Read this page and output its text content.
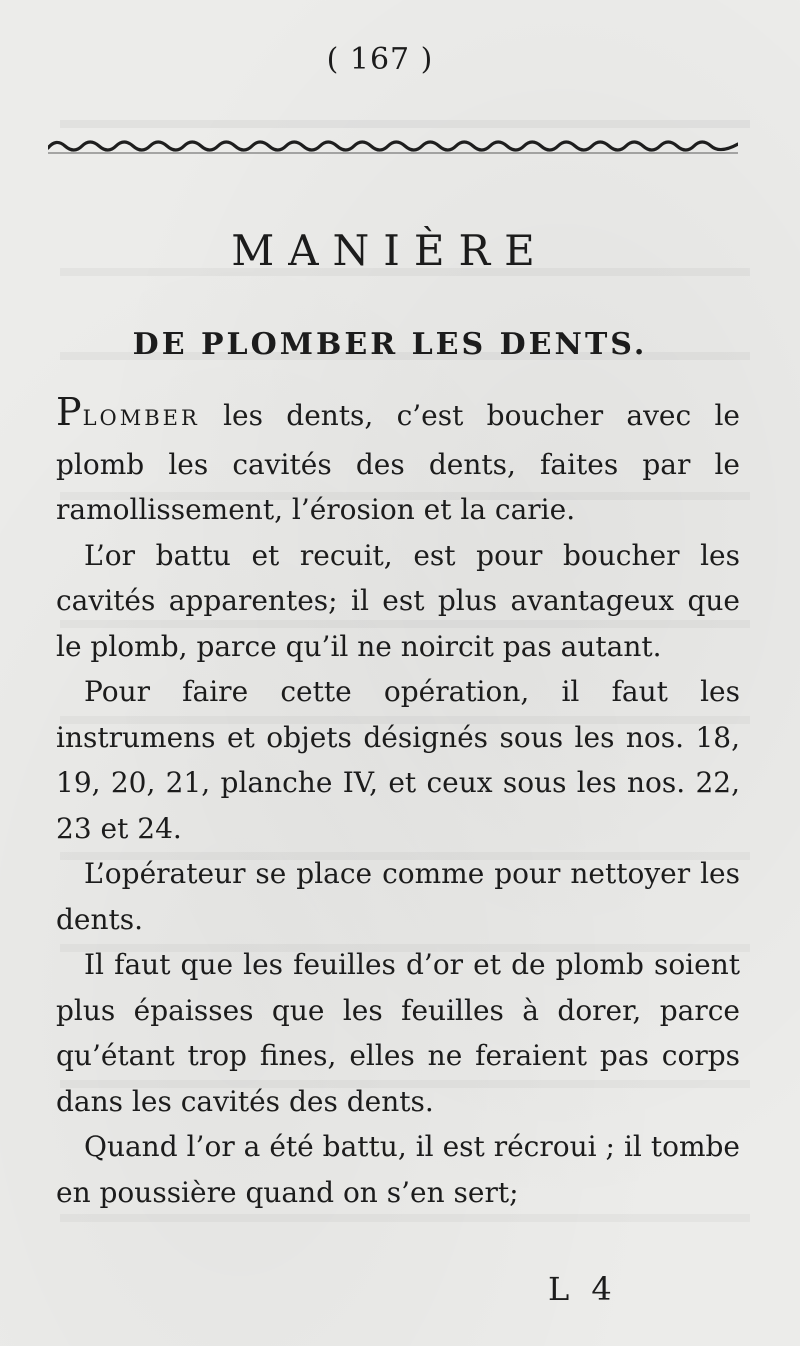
( 167 )
MANIÈRE
DE PLOMBER LES DENTS.

PLOMBER les dents, c’est boucher avec le plomb les cavités des dents, faites par le ramollissement, l’érosion et la carie.

L’or battu et recuit, est pour boucher les cavités apparentes; il est plus avantageux que le plomb, parce qu’il ne noircit pas autant.

Pour faire cette opération, il faut les instrumens et objets désignés sous les nos. 18, 19, 20, 21, planche IV, et ceux sous les nos. 22, 23 et 24.

L’opérateur se place comme pour nettoyer les dents.

Il faut que les feuilles d’or et de plomb soient plus épaisses que les feuilles à dorer, parce qu’étant trop fines, elles ne feraient pas corps dans les cavités des dents.

Quand l’or a été battu, il est récroui ; il tombe en poussière quand on s’en sert;

L 4
